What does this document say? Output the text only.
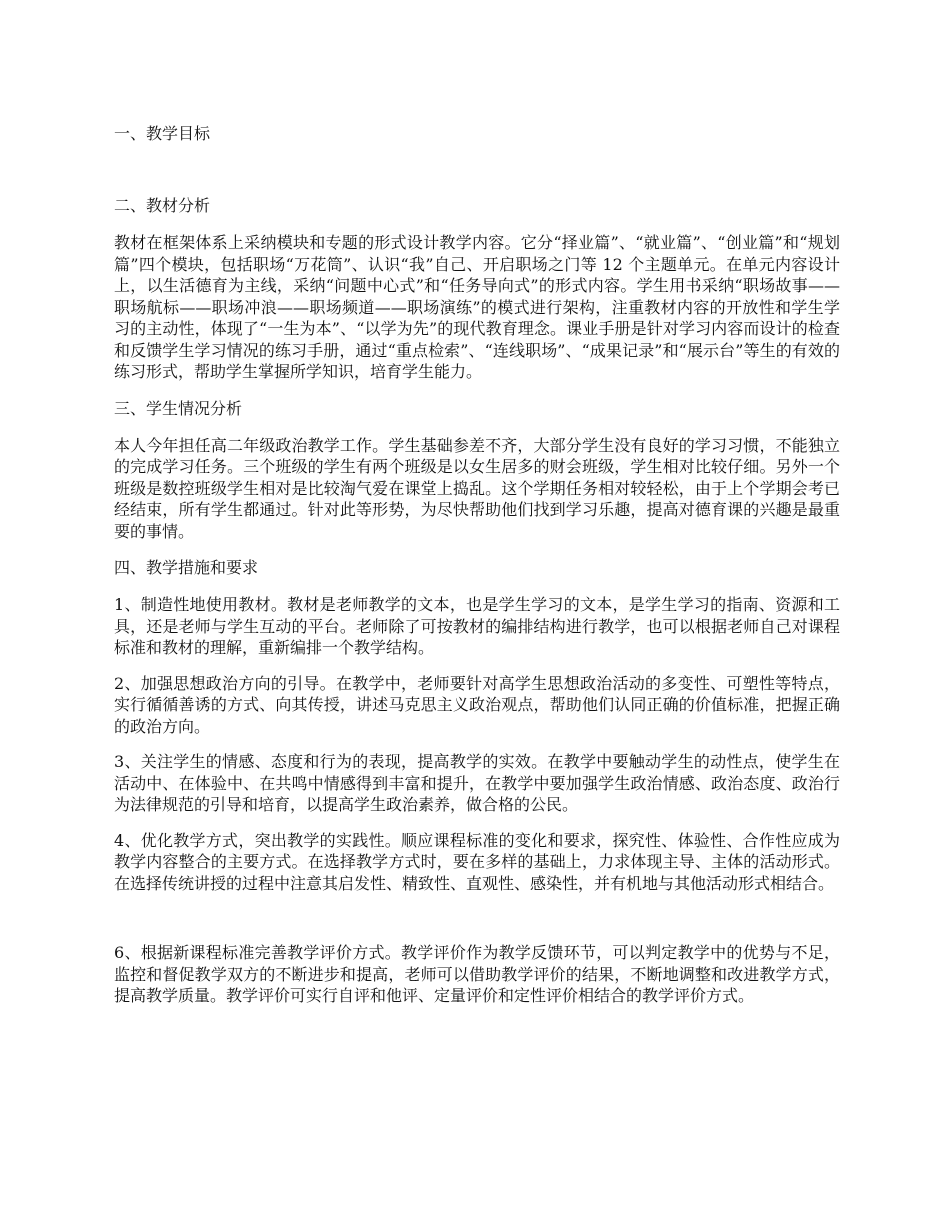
一、教学目标

二、教材分析

教材在框架体系上采纳模块和专题的形式设计教学内容。它分“择业篇”、“就业篇”、“创业篇”和“规划篇”四个模块，包括职场“万花筒”、认识“我”自己、开启职场之门等 12 个主题单元。在单元内容设计上，以生活德育为主线，采纳“问题中心式”和“任务导向式”的形式内容。学生用书采纳“职场故事——职场航标——职场冲浪——职场频道——职场演练”的模式进行架构，注重教材内容的开放性和学生学习的主动性，体现了“一生为本”、“以学为先”的现代教育理念。课业手册是针对学习内容而设计的检查和反馈学生学习情况的练习手册，通过“重点检索”、“连线职场”、“成果记录”和“展示台”等生的有效的练习形式，帮助学生掌握所学知识，培育学生能力。

三、学生情况分析

本人今年担任高二年级政治教学工作。学生基础参差不齐，大部分学生没有良好的学习习惯，不能独立的完成学习任务。三个班级的学生有两个班级是以女生居多的财会班级，学生相对比较仔细。另外一个班级是数控班级学生相对是比较淘气爱在课堂上捣乱。这个学期任务相对较轻松，由于上个学期会考已经结束，所有学生都通过。针对此等形势，为尽快帮助他们找到学习乐趣，提高对德育课的兴趣是最重要的事情。

四、教学措施和要求

1、制造性地使用教材。教材是老师教学的文本，也是学生学习的文本，是学生学习的指南、资源和工具，还是老师与学生互动的平台。老师除了可按教材的编排结构进行教学，也可以根据老师自己对课程标准和教材的理解，重新编排一个教学结构。

2、加强思想政治方向的引导。在教学中，老师要针对高学生思想政治活动的多变性、可塑性等特点，实行循循善诱的方式、向其传授，讲述马克思主义政治观点，帮助他们认同正确的价值标准，把握正确的政治方向。

3、关注学生的情感、态度和行为的表现，提高教学的实效。在教学中要触动学生的动性点，使学生在活动中、在体验中、在共鸣中情感得到丰富和提升，在教学中要加强学生政治情感、政治态度、政治行为法律规范的引导和培育，以提高学生政治素养，做合格的公民。

4、优化教学方式，突出教学的实践性。顺应课程标准的变化和要求，探究性、体验性、合作性应成为教学内容整合的主要方式。在选择教学方式时，要在多样的基础上，力求体现主导、主体的活动形式。在选择传统讲授的过程中注意其启发性、精致性、直观性、感染性，并有机地与其他活动形式相结合。

6、根据新课程标准完善教学评价方式。教学评价作为教学反馈环节，可以判定教学中的优势与不足，监控和督促教学双方的不断进步和提高，老师可以借助教学评价的结果，不断地调整和改进教学方式，提高教学质量。教学评价可实行自评和他评、定量评价和定性评价相结合的教学评价方式。
